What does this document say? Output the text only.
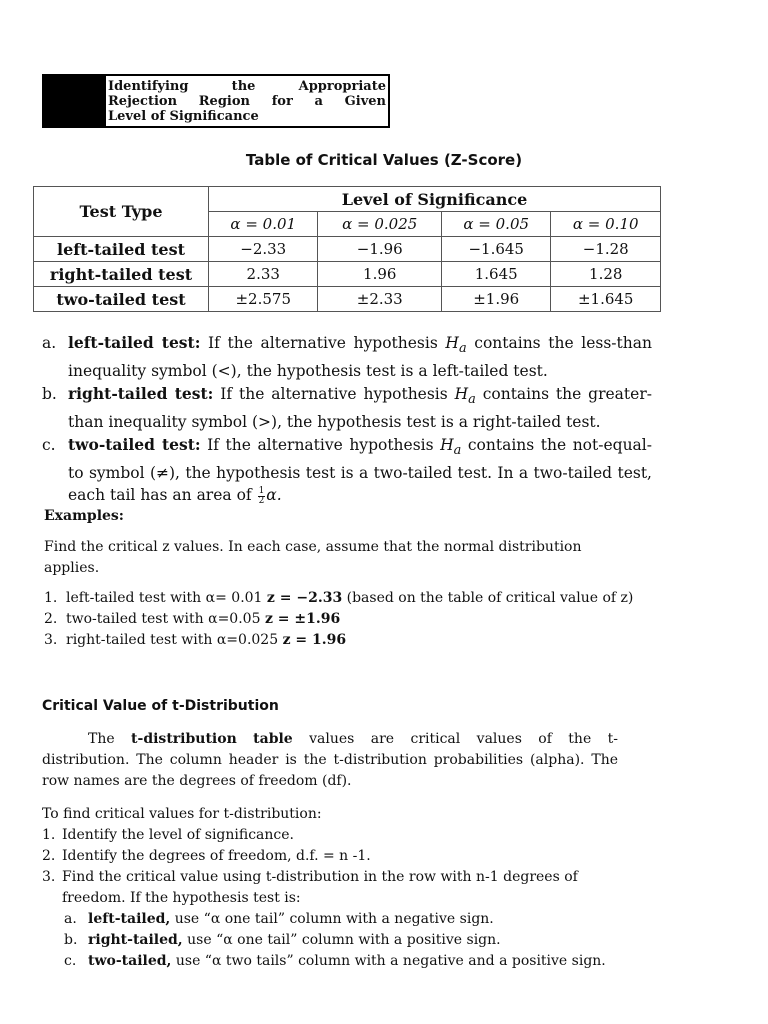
Identifying the Appropriate
Rejection Region for a Given
Level of Significance
Table of Critical Values (Z-Score)
Test Type	Level of Significance			
	α = 0.01	α = 0.025	α = 0.05	α = 0.10
left-tailed test	−2.33	−1.96	−1.645	−1.28
right-tailed test	2.33	1.96	1.645	1.28
two-tailed test	±2.575	±2.33	±1.96	±1.645
a. left-tailed test: If the alternative hypothesis $H_a$ contains the less-than inequality symbol (<), the hypothesis test is a left-tailed test.
b. right-tailed test: If the alternative hypothesis $H_a$ contains the greater-than inequality symbol (>), the hypothesis test is a right-tailed test.
c. two-tailed test: If the alternative hypothesis $H_a$ contains the not-equal-to symbol (≠), the hypothesis test is a two-tailed test. In a two-tailed test, each tail has an area of $\frac{1}{2} \alpha$.
Examples:
Find the critical z values. In each case, assume that the normal distribution applies.
1. left-tailed test with α= 0.01 z = −2.33 (based on the table of critical value of z)
2. two-tailed test with α=0.05 z = ±1.96
3. right-tailed test with α=0.025 z = 1.96
Critical Value of t-Distribution
The t-distribution table values are critical values of the t-
distribution. The column header is the t-distribution probabilities (alpha). The row names are the degrees of freedom (df).
To find critical values for t-distribution:
1. Identify the level of significance.
2. Identify the degrees of freedom, d.f. = n -1.
3. Find the critical value using t-distribution in the row with n-1 degrees of freedom. If the hypothesis test is:
a. left-tailed, use “α one tail” column with a negative sign.
b. right-tailed, use “α one tail” column with a positive sign.
c. two-tailed, use “α two tails” column with a negative and a positive sign.
